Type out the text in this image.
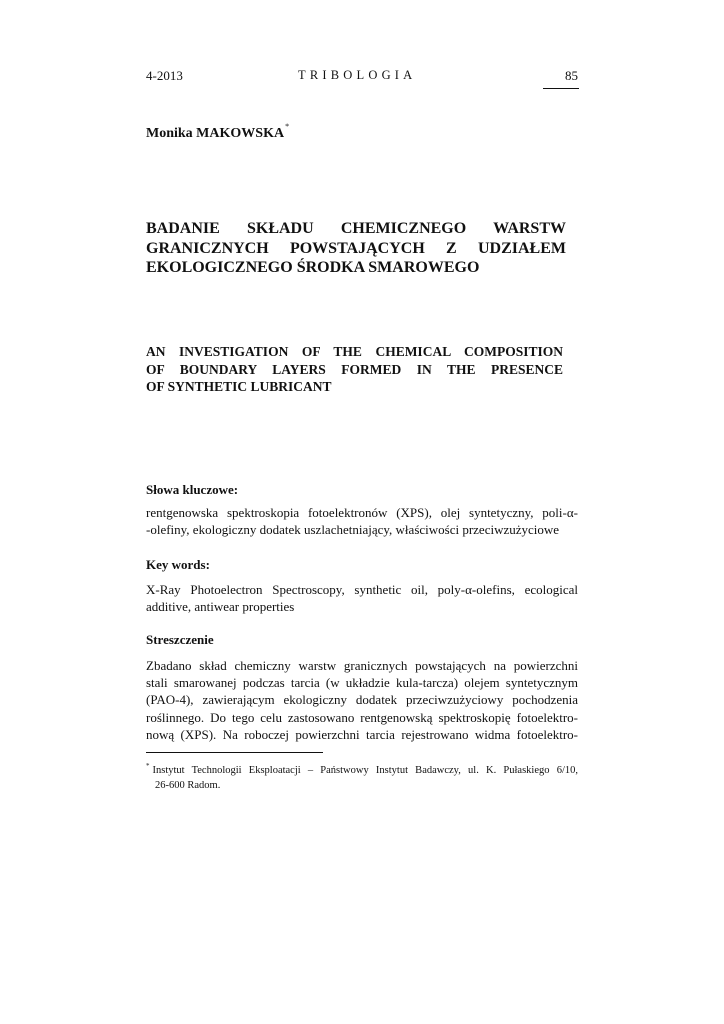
4-2013	TRIBOLOGIA	85
Monika MAKOWSKA*
BADANIE SKŁADU CHEMICZNEGO WARSTW
GRANICZNYCH POWSTAJĄCYCH Z UDZIAŁEM
EKOLOGICZNEGO ŚRODKA SMAROWEGO
AN INVESTIGATION OF THE CHEMICAL COMPOSITION
OF BOUNDARY LAYERS FORMED IN THE PRESENCE
OF SYNTHETIC LUBRICANT
Słowa kluczowe:
rentgenowska spektroskopia fotoelektronów (XPS), olej syntetyczny, poli-α-
-olefiny, ekologiczny dodatek uszlachetniający, właściwości przeciwzużyciowe
Key words:
X-Ray Photoelectron Spectroscopy, synthetic oil, poly-α-olefins, ecological
additive, antiwear properties
Streszczenie
Zbadano skład chemiczny warstw granicznych powstających na powierzchni
stali smarowanej podczas tarcia (w układzie kula-tarcza) olejem syntetycznym
(PAO-4), zawierającym ekologiczny dodatek przeciwzużyciowy pochodzenia
roślinnego. Do tego celu zastosowano rentgenowską spektroskopię fotoelektro-
nową (XPS). Na roboczej powierzchni tarcia rejestrowano widma fotoelektro-
* Instytut Technologii Eksploatacji – Państwowy Instytut Badawczy, ul. K. Pułaskiego 6/10,
26-600 Radom.
